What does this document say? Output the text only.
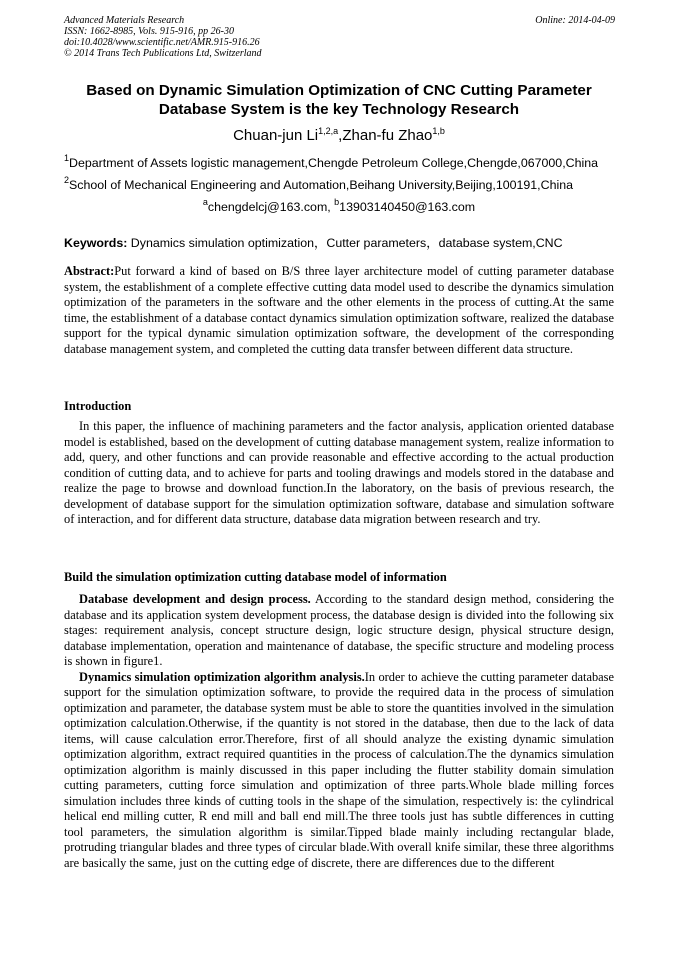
Advanced Materials Research
ISSN: 1662-8985, Vols. 915-916, pp 26-30
doi:10.4028/www.scientific.net/AMR.915-916.26
© 2014 Trans Tech Publications Ltd, Switzerland
Online: 2014-04-09
Based on Dynamic Simulation Optimization of CNC Cutting Parameter
Database System is the key Technology Research
Chuan-jun Li$^{1,2,a}$,Zhan-fu Zhao$^{1,b}$
$^1$Department of Assets logistic management,Chengde Petroleum College,Chengde,067000,China
$^2$School of Mechanical Engineering and Automation,Beihang University,Beijing,100191,China
$^a$chengdelcj@163.com, $^b$13903140450@163.com
Keywords: Dynamics simulation optimization，Cutter parameters，database system,CNC

Abstract:Put forward a kind of based on B/S three layer architecture model of cutting parameter database system, the establishment of a complete effective cutting data model used to describe the dynamics simulation optimization of the parameters in the software and the other elements in the process of cutting.At the same time, the establishment of a database contact dynamics simulation optimization software, realized the database support for the typical dynamic simulation optimization software, the development of the corresponding database management system, and completed the cutting data transfer between different data structure.

Introduction

In this paper, the influence of machining parameters and the factor analysis, application oriented database model is established, based on the development of cutting database management system, realize information to add, query, and other functions and can provide reasonable and effective according to the actual production condition of cutting data, and to achieve for parts and tooling drawings and models stored in the database and realize the page to browse and download function.In the laboratory, on the basis of previous research, the development of database support for the simulation optimization software, database and simulation software of interaction, and for different data structure, database data migration between research and try.

Build the simulation optimization cutting database model of information

Database development and design process. According to the standard design method, considering the database and its application system development process, the database design is divided into the following six stages: requirement analysis, concept structure design, logic structure design, physical structure design, database implementation, operation and maintenance of database, the specific structure and modeling process is shown in figure1.

Dynamics simulation optimization algorithm analysis.In order to achieve the cutting parameter database support for the simulation optimization software, to provide the required data in the process of simulation optimization and parameter, the database system must be able to store the quantities involved in the simulation optimization calculation.Otherwise, if the quantity is not stored in the database, then due to the lack of data items, will cause calculation error.Therefore, first of all should analyze the existing dynamic simulation optimization algorithm, extract required quantities in the process of calculation.The the dynamics simulation optimization algorithm is mainly discussed in this paper including the flutter stability domain simulation cutting parameters, cutting force simulation and optimization of three parts.Whole blade milling forces simulation includes three kinds of cutting tools in the shape of the simulation, respectively is: the cylindrical helical end milling cutter, R end mill and ball end mill.The three tools just has subtle differences in cutting tool parameters, the simulation algorithm is similar.Tipped blade mainly including rectangular blade, protruding triangular blades and three types of circular blade.With overall knife similar, these three algorithms are basically the same, just on the cutting edge of discrete, there are differences due to the different
